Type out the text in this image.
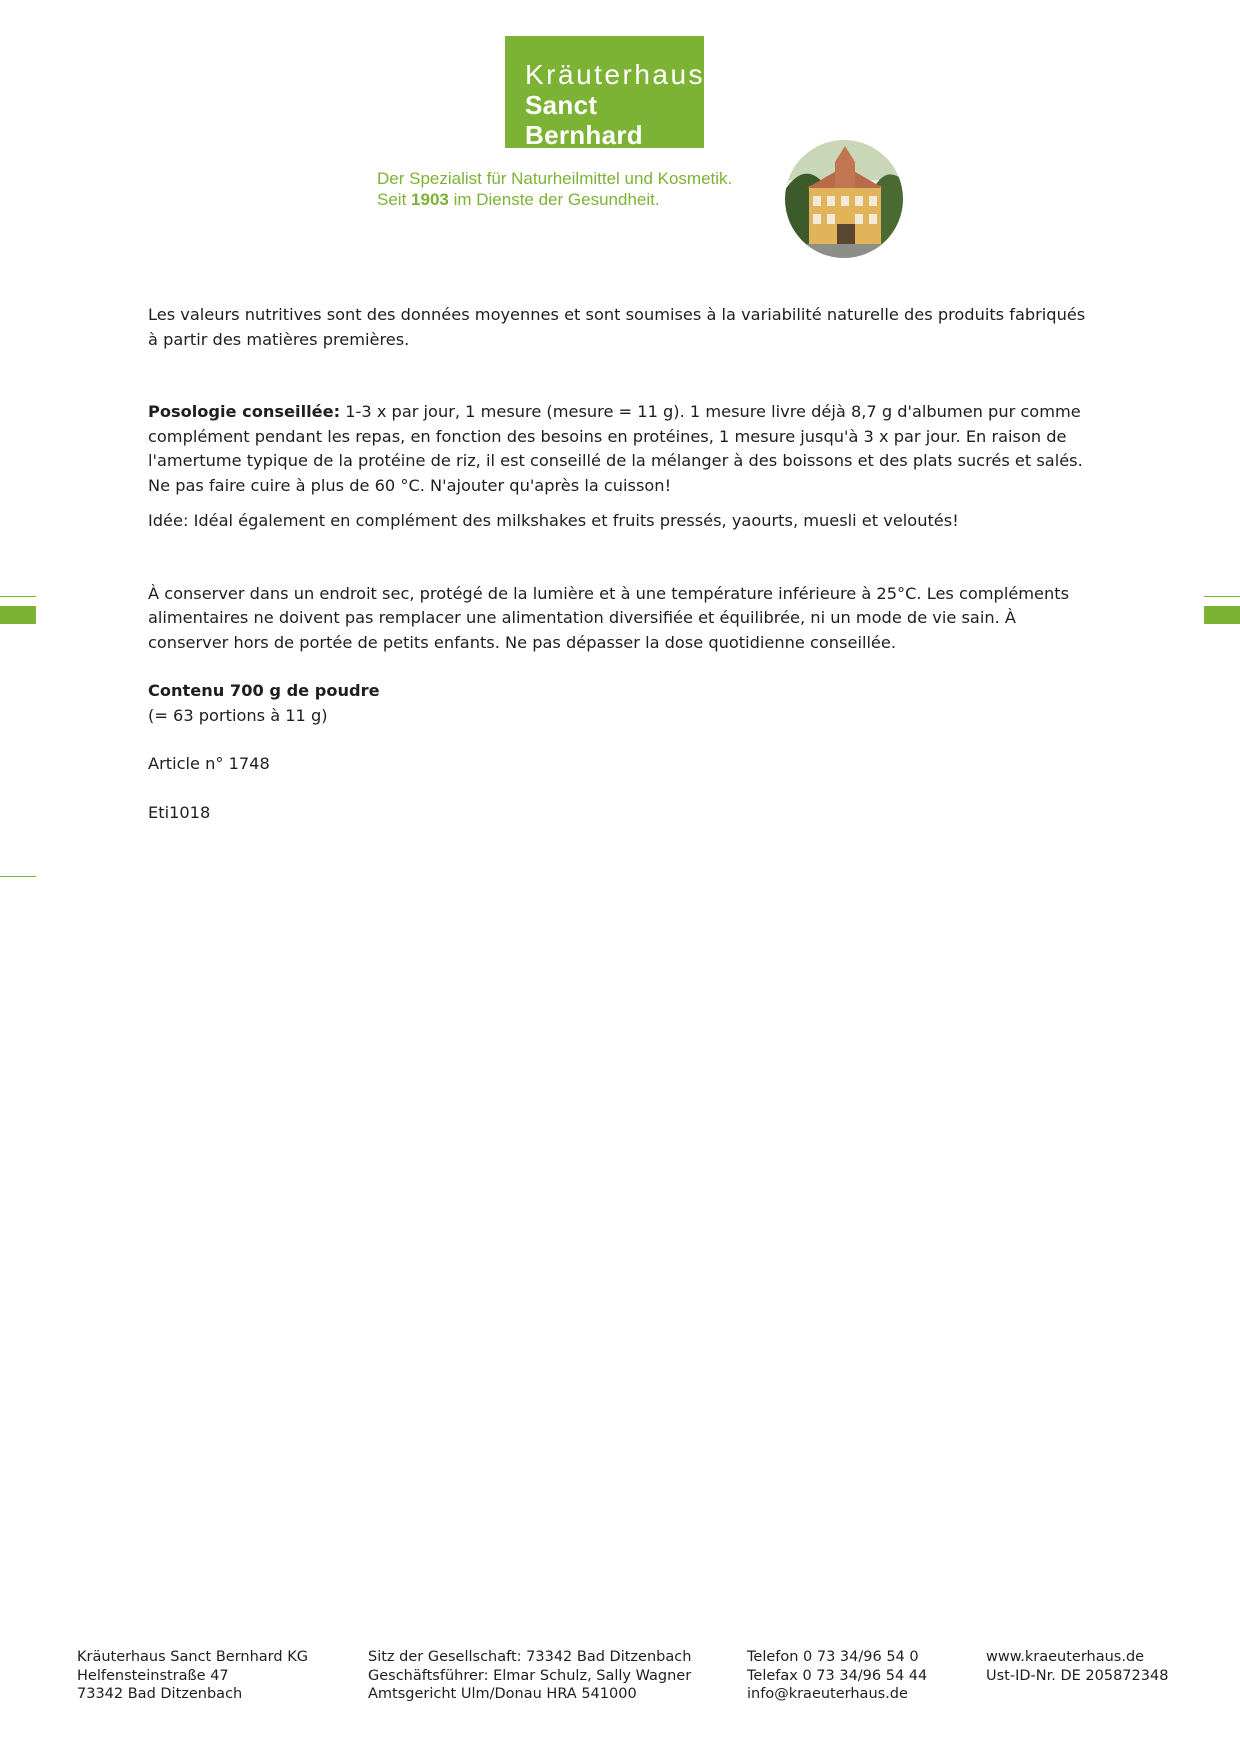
Kräuterhaus
Sanct Bernhard
Der Spezialist für Naturheilmittel und Kosmetik.
Seit 1903 im Dienste der Gesundheit.

Les valeurs nutritives sont des données moyennes et sont soumises à la variabilité naturelle des produits fabriqués à partir des matières premières.

Posologie conseillée: 1-3 x par jour, 1 mesure (mesure = 11 g). 1 mesure livre déjà 8,7 g d'albumen pur comme complément pendant les repas, en fonction des besoins en protéines, 1 mesure jusqu'à 3 x par jour. En raison de l'amertume typique de la protéine de riz, il est conseillé de la mélanger à des boissons et des plats sucrés et salés. Ne pas faire cuire à plus de 60 °C. N'ajouter qu'après la cuisson!

Idée: Idéal également en complément des milkshakes et fruits pressés, yaourts, muesli et veloutés!

À conserver dans un endroit sec, protégé de la lumière et à une température inférieure à 25°C. Les compléments alimentaires ne doivent pas remplacer une alimentation diversifiée et équilibrée, ni un mode de vie sain. À conserver hors de portée de petits enfants. Ne pas dépasser la dose quotidienne conseillée.

Contenu 700 g de poudre

(= 63 portions à 11 g)

Article n° 1748

Eti1018

Kräuterhaus Sanct Bernhard KG
Helfensteinstraße 47
73342 Bad Ditzenbach
Sitz der Gesellschaft: 73342 Bad Ditzenbach
Geschäftsführer: Elmar Schulz, Sally Wagner
Amtsgericht Ulm/Donau HRA 541000
Telefon 0 73 34/96 54 0
Telefax 0 73 34/96 54 44
info@kraeuterhaus.de
www.kraeuterhaus.de
Ust-ID-Nr. DE 205872348
